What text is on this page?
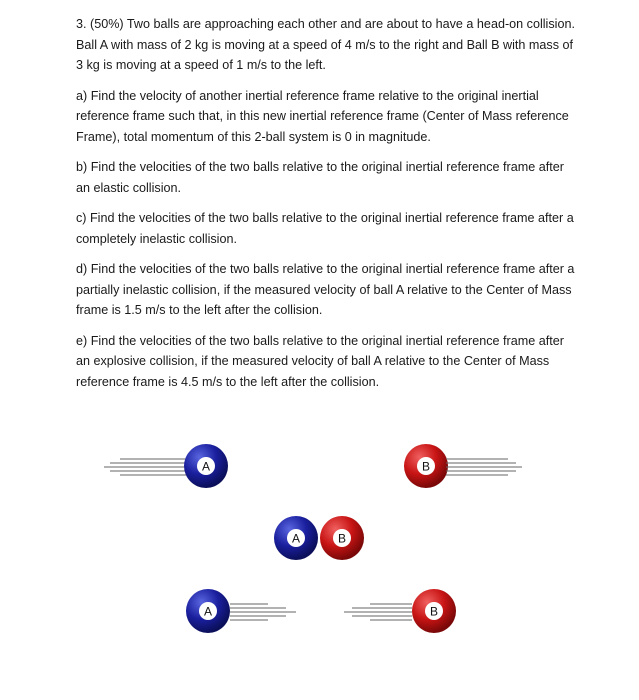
3. (50%) Two balls are approaching each other and are about to have a head-on collision. Ball A with mass of 2 kg is moving at a speed of 4 m/s to the right and Ball B with mass of 3 kg is moving at a speed of 1 m/s to the left.

a) Find the velocity of another inertial reference frame relative to the original inertial reference frame such that, in this new inertial reference frame (Center of Mass reference Frame), total momentum of this 2-ball system is 0 in magnitude.

b) Find the velocities of the two balls relative to the original inertial reference frame after an elastic collision.

c) Find the velocities of the two balls relative to the original inertial reference frame after a completely inelastic collision.

d) Find the velocities of the two balls relative to the original inertial reference frame after a partially inelastic collision, if the measured velocity of ball A relative to the Center of Mass frame is 1.5 m/s to the left after the collision.

e) Find the velocities of the two balls relative to the original inertial reference frame after an explosive collision, if the measured velocity of ball A relative to the Center of Mass reference frame is 4.5 m/s to the left after the collision.

A	B
B
A
A	B
